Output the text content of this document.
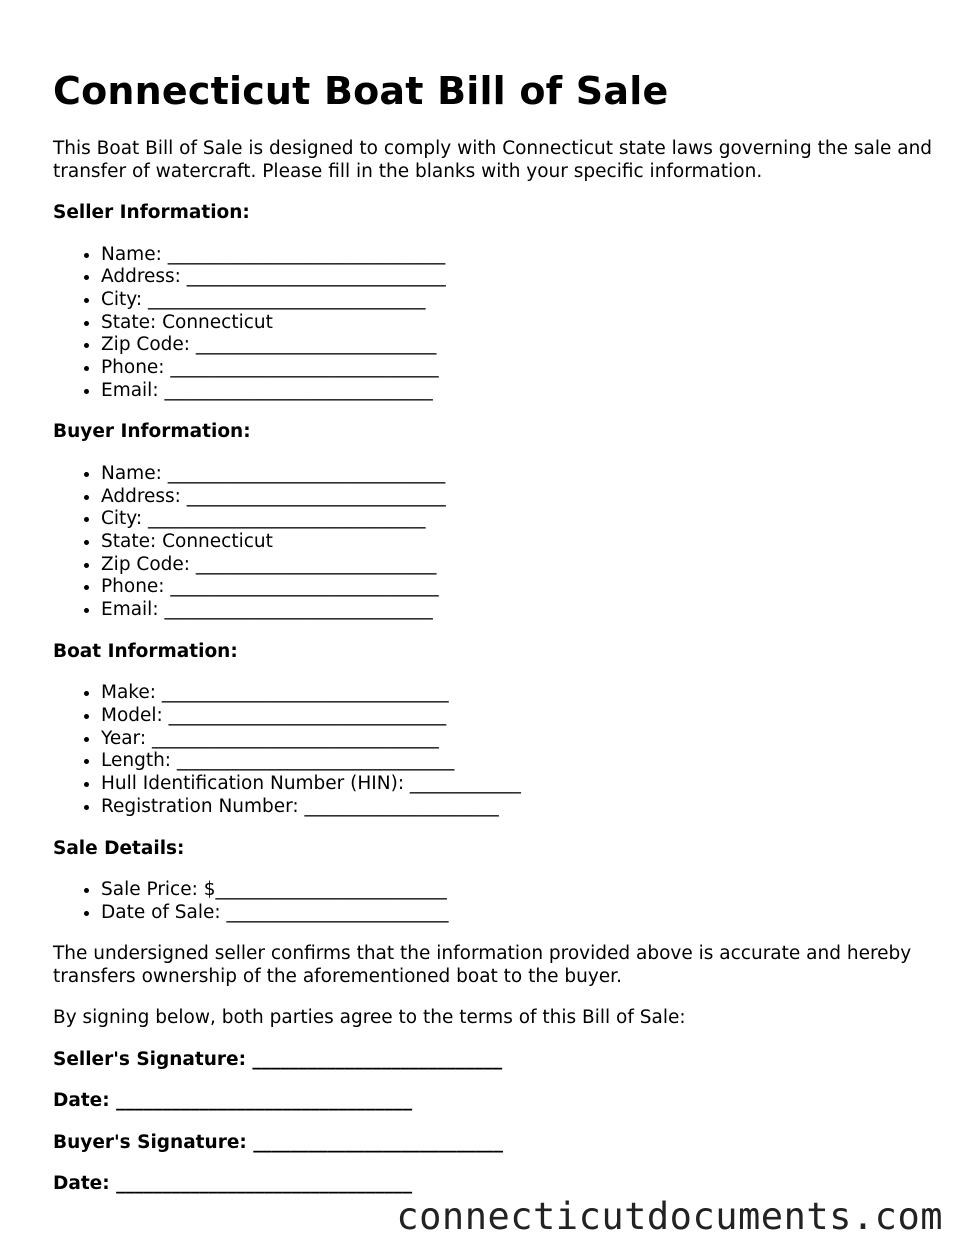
Connecticut Boat Bill of Sale

This Boat Bill of Sale is designed to comply with Connecticut state laws governing the sale and transfer of watercraft. Please fill in the blanks with your specific information.

Seller Information:
• Name: ______________________________
• Address: ____________________________
• City: ______________________________
• State: Connecticut
• Zip Code: __________________________
• Phone: _____________________________
• Email: _____________________________
Buyer Information:
• Name: ______________________________
• Address: ____________________________
• City: ______________________________
• State: Connecticut
• Zip Code: __________________________
• Phone: _____________________________
• Email: _____________________________
Boat Information:
• Make: _______________________________
• Model: ______________________________
• Year: _______________________________
• Length: ______________________________
• Hull Identification Number (HIN): ____________
• Registration Number: _____________________
Sale Details:
• Sale Price: $_________________________
• Date of Sale: ________________________

The undersigned seller confirms that the information provided above is accurate and hereby transfers ownership of the aforementioned boat to the buyer.

By signing below, both parties agree to the terms of this Bill of Sale:

Seller's Signature: ___________________________
Date: ________________________________
Buyer's Signature: ___________________________
Date: ________________________________
connecticutdocuments.com
